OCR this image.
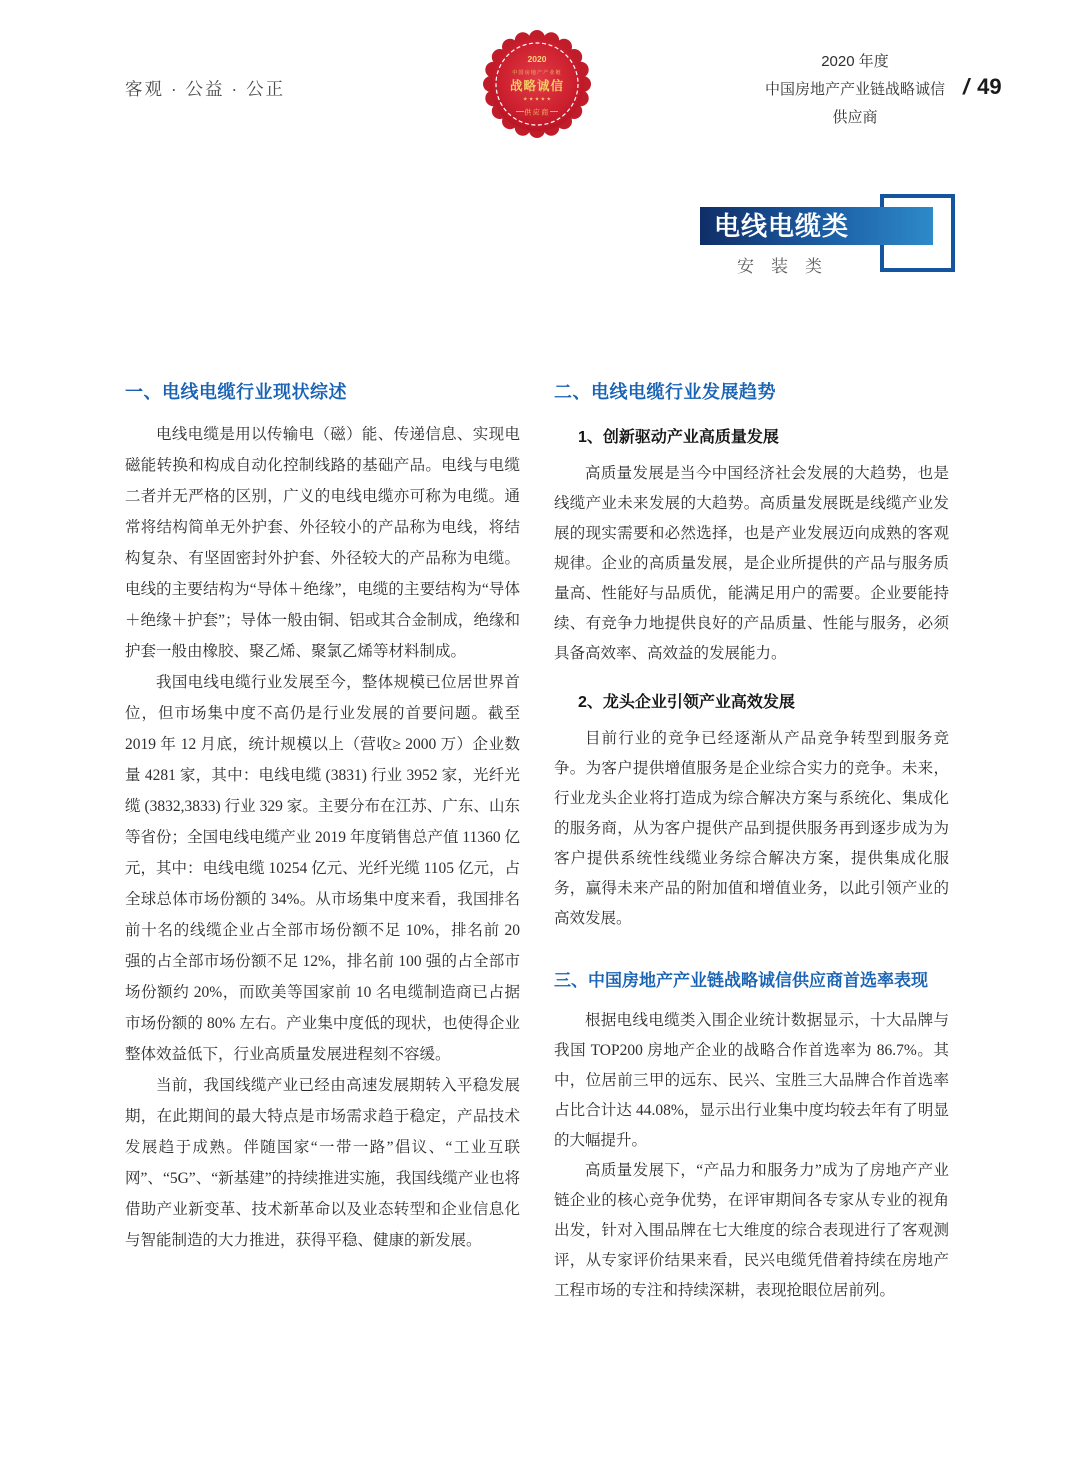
客观 · 公益 · 公正
2020
中国房地产产业链
战略诚信
★ ★ ★ ★ ★
供应商
2020 年度
中国房地产产业链战略诚信
供应商
/ 49
电线电缆类
安装类
一、电线电缆行业现状综述

电线电缆是用以传输电（磁）能、传递信息、实现电磁能转换和构成自动化控制线路的基础产品。电线与电缆二者并无严格的区别，广义的电线电缆亦可称为电缆。通常将结构简单无外护套、外径较小的产品称为电线，将结构复杂、有坚固密封外护套、外径较大的产品称为电缆。电线的主要结构为“导体＋绝缘”，电缆的主要结构为“导体＋绝缘＋护套”；导体一般由铜、铝或其合金制成，绝缘和护套一般由橡胶、聚乙烯、聚氯乙烯等材料制成。

我国电线电缆行业发展至今，整体规模已位居世界首位，但市场集中度不高仍是行业发展的首要问题。截至 2019 年 12 月底，统计规模以上（营收≥ 2000 万）企业数量 4281 家，其中：电线电缆 (3831) 行业 3952 家，光纤光缆 (3832,3833) 行业 329 家。主要分布在江苏、广东、山东等省份；全国电线电缆产业 2019 年度销售总产值 11360 亿元，其中：电线电缆 10254 亿元、光纤光缆 1105 亿元，占全球总体市场份额的 34%。从市场集中度来看，我国排名前十名的线缆企业占全部市场份额不足 10%，排名前 20 强的占全部市场份额不足 12%，排名前 100 强的占全部市场份额约 20%，而欧美等国家前 10 名电缆制造商已占据市场份额的 80% 左右。产业集中度低的现状，也使得企业整体效益低下，行业高质量发展进程刻不容缓。

当前，我国线缆产业已经由高速发展期转入平稳发展期，在此期间的最大特点是市场需求趋于稳定，产品技术发展趋于成熟。伴随国家“一带一路”倡议、“工业互联网”、“5G”、“新基建”的持续推进实施，我国线缆产业也将借助产业新变革、技术新革命以及业态转型和企业信息化与智能制造的大力推进，获得平稳、健康的新发展。

二、电线电缆行业发展趋势
1、创新驱动产业高质量发展

高质量发展是当今中国经济社会发展的大趋势，也是线缆产业未来发展的大趋势。高质量发展既是线缆产业发展的现实需要和必然选择，也是产业发展迈向成熟的客观规律。企业的高质量发展，是企业所提供的产品与服务质量高、性能好与品质优，能满足用户的需要。企业要能持续、有竞争力地提供良好的产品质量、性能与服务，必须具备高效率、高效益的发展能力。

2、龙头企业引领产业高效发展

目前行业的竞争已经逐渐从产品竞争转型到服务竞争。为客户提供增值服务是企业综合实力的竞争。未来，行业龙头企业将打造成为综合解决方案与系统化、集成化的服务商，从为客户提供产品到提供服务再到逐步成为为客户提供系统性线缆业务综合解决方案，提供集成化服务，赢得未来产品的附加值和增值业务，以此引领产业的高效发展。

三、中国房地产产业链战略诚信供应商首选率表现

根据电线电缆类入围企业统计数据显示，十大品牌与我国 TOP200 房地产企业的战略合作首选率为 86.7%。其中，位居前三甲的远东、民兴、宝胜三大品牌合作首选率占比合计达 44.08%，显示出行业集中度均较去年有了明显的大幅提升。

高质量发展下，“产品力和服务力”成为了房地产产业链企业的核心竞争优势，在评审期间各专家从专业的视角出发，针对入围品牌在七大维度的综合表现进行了客观测评，从专家评价结果来看，民兴电缆凭借着持续在房地产工程市场的专注和持续深耕，表现抢眼位居前列。
